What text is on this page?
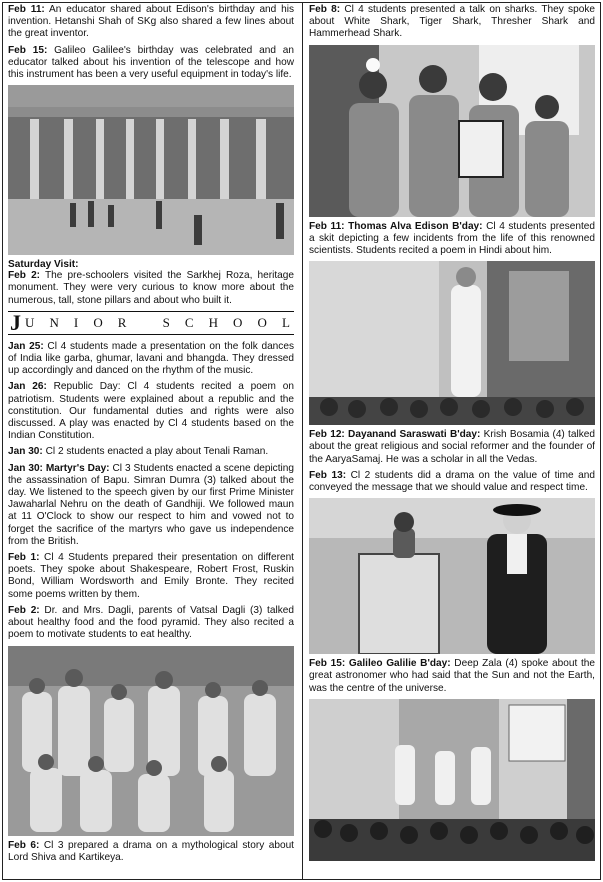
Feb 11: An educator shared about Edison's birthday and his invention. Hetanshi Shah of SKg also shared a few lines about the great inventor.

Feb 15: Galileo Galilee's birthday was celebrated and an educator talked about his invention of the telescope and how this instrument has been a very useful equipment in today's life.

Saturday Visit:

Feb 2: The pre-schoolers visited the Sarkhej Roza, heritage monument. They were very curious to know more about the numerous, tall, stone pillars and about who built it.

J U N I O R	S C H O O L

Jan 25: Cl 4 students made a presentation on the folk dances of India like garba, ghumar, lavani and bhangda. They dressed up accordingly and danced on the rhythm of the music.

Jan 26: Republic Day: Cl 4 students recited a poem on patriotism. Students were explained about a republic and the constitution. Our fundamental duties and rights were also discussed. A play was enacted by Cl 4 students based on the Indian Constitution.

Jan 30: Cl 2 students enacted a play about Tenali Raman.

Jan 30: Martyr's Day: Cl 3 Students enacted a scene depicting the assassination of Bapu. Simran Dumra (3) talked about the day. We listened to the speech given by our first Prime Minister Jawaharlal Nehru on the death of Gandhiji. We followed maun at 11 O'Clock to show our respect to him and vowed not to forget the sacrifice of the martyrs who gave us independence from the British.

Feb 1: Cl 4 Students prepared their presentation on different poets. They spoke about Shakespeare, Robert Frost, Ruskin Bond, William Wordsworth and Emily Bronte. They recited some poems written by them.

Feb 2: Dr. and Mrs. Dagli, parents of Vatsal Dagli (3) talked about healthy food and the food pyramid. They also recited a poem to motivate students to eat healthy.

Feb 6: Cl 3 prepared a drama on a mythological story about Lord Shiva and Kartikeya.

Feb 8: Cl 4 students presented a talk on sharks. They spoke about White Shark, Tiger Shark, Thresher Shark and Hammerhead Shark.

Feb 11: Thomas Alva Edison B'day: Cl 4 students presented a skit depicting a few incidents from the life of this renowned scientists. Students recited a poem in Hindi about him.

Feb 12: Dayanand Saraswati B'day: Krish Bosamia (4) talked about the great religious and social reformer and the founder of the AaryaSamaj. He was a scholar in all the Vedas.

Feb 13: Cl 2 students did a drama on the value of time and conveyed the message that we should value and respect time.

Feb 15: Galileo Galilie B'day: Deep Zala (4) spoke about the great astronomer who had said that the Sun and not the Earth, was the centre of the universe.
